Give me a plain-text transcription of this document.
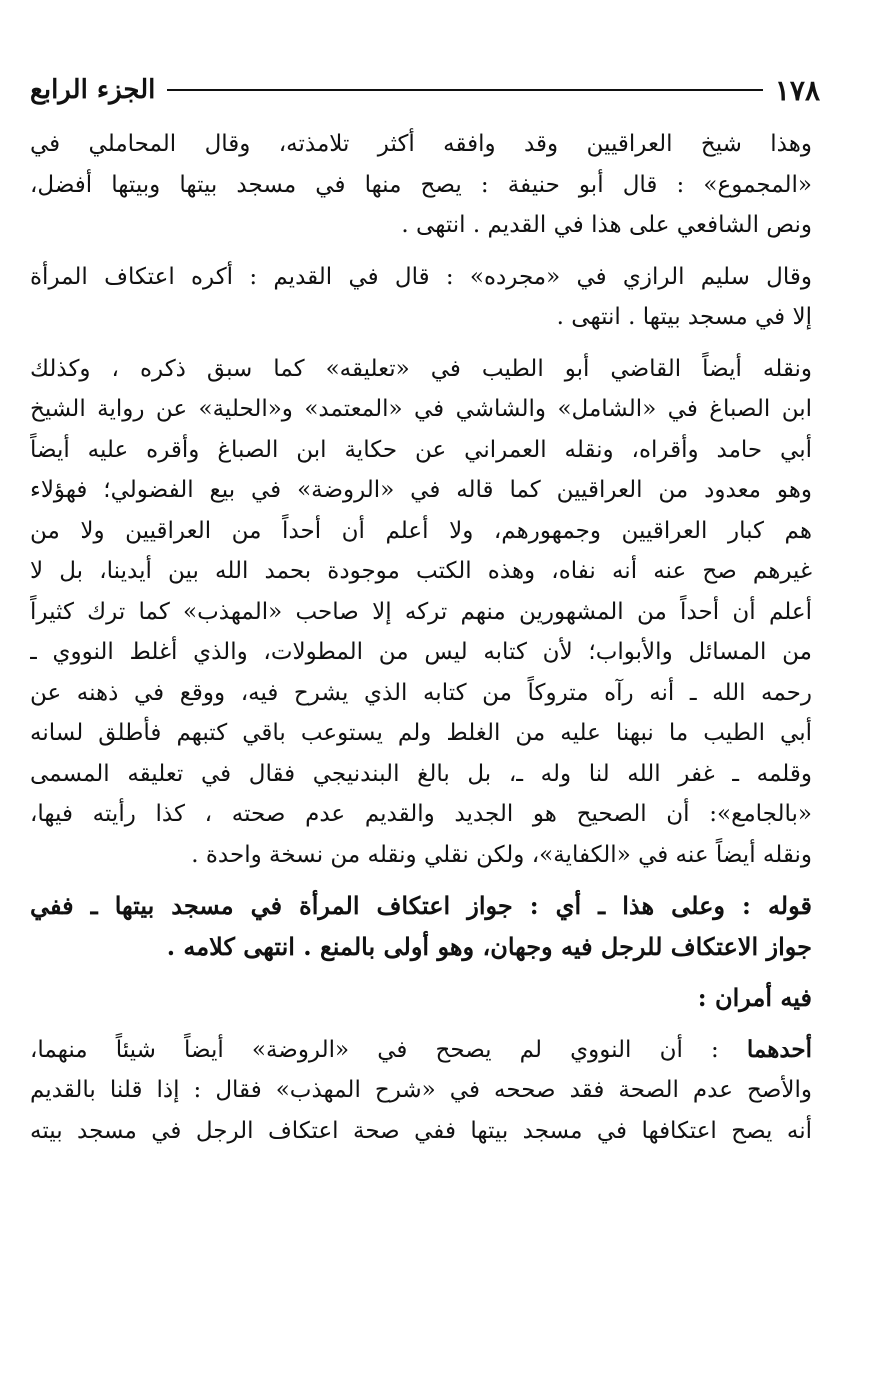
١٧٨
الجزء الرابع

وهذا شيخ العراقيين وقد وافقه أكثر تلامذته، وقال المحاملي في
«المجموع» : قال أبو حنيفة : يصح منها في مسجد بيتها وبيتها أفضل،
ونص الشافعي على هذا في القديم . انتهى .

وقال سليم الرازي في «مجرده» : قال في القديم : أكره اعتكاف المرأة
إلا في مسجد بيتها . انتهى .

ونقله أيضاً القاضي أبو الطيب في «تعليقه» كما سبق ذكره ، وكذلك
ابن الصباغ في «الشامل» والشاشي في «المعتمد» و«الحلية» عن رواية الشيخ
أبي حامد وأقراه، ونقله العمراني عن حكاية ابن الصباغ وأقره عليه أيضاً
وهو معدود من العراقيين كما قاله في «الروضة» في بيع الفضولي؛ فهؤلاء
هم كبار العراقيين وجمهورهم، ولا أعلم أن أحداً من العراقيين ولا من
غيرهم صح عنه أنه نفاه، وهذه الكتب موجودة بحمد الله بين أيدينا، بل لا
أعلم أن أحداً من المشهورين منهم تركه إلا صاحب «المهذب» كما ترك كثيراً
من المسائل والأبواب؛ لأن كتابه ليس من المطولات، والذي أغلط النووي ـ
رحمه الله ـ أنه رآه متروكاً من كتابه الذي يشرح فيه، ووقع في ذهنه عن
أبي الطيب ما نبهنا عليه من الغلط ولم يستوعب باقي كتبهم فأطلق لسانه
وقلمه ـ غفر الله لنا وله ـ، بل بالغ البندنيجي فقال في تعليقه المسمى
«بالجامع»: أن الصحيح هو الجديد والقديم عدم صحته ، كذا رأيته فيها،
ونقله أيضاً عنه في «الكفاية»، ولكن نقلي ونقله من نسخة واحدة .

قوله : وعلى هذا ـ أي : جواز اعتكاف المرأة في مسجد بيتها ـ ففي
جواز الاعتكاف للرجل فيه وجهان، وهو أولى بالمنع . انتهى كلامه .

فيه أمران :

أحدهما : أن النووي لم يصحح في «الروضة» أيضاً شيئاً منهما،
والأصح عدم الصحة فقد صححه في «شرح المهذب» فقال : إذا قلنا بالقديم
أنه يصح اعتكافها في مسجد بيتها ففي صحة اعتكاف الرجل في مسجد بيته
